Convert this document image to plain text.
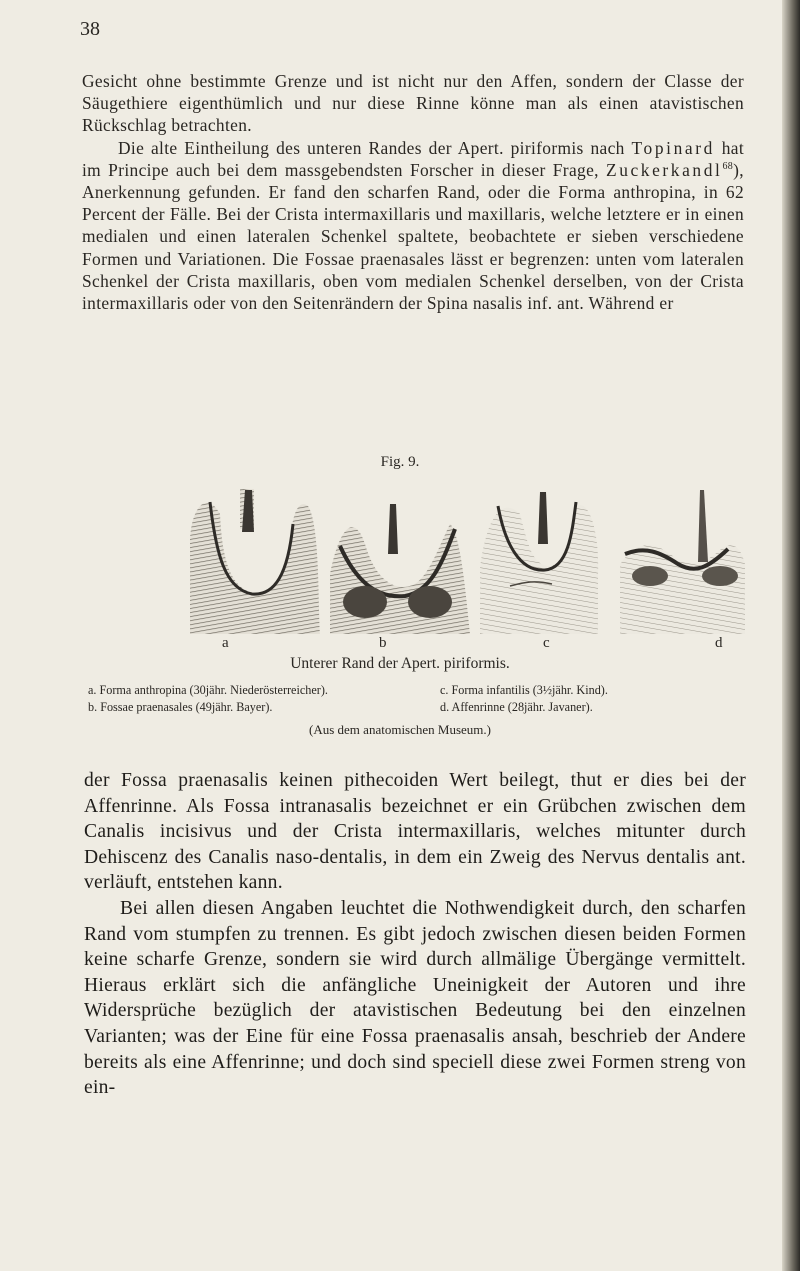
38

Gesicht ohne bestimmte Grenze und ist nicht nur den Affen, sondern der Classe der Säugethiere eigenthümlich und nur diese Rinne könne man als einen atavistischen Rückschlag betrachten.

Die alte Eintheilung des unteren Randes der Apert. piriformis nach Topinard hat im Principe auch bei dem massgebendsten Forscher in dieser Frage, Zuckerkandl$^{68}$), Anerkennung gefunden. Er fand den scharfen Rand, oder die Forma anthropina, in 62 Percent der Fälle. Bei der Crista intermaxillaris und maxillaris, welche letztere er in einen medialen und einen lateralen Schenkel spaltete, beobachtete er sieben verschiedene Formen und Variationen. Die Fossae praenasales lässt er begrenzen: unten vom lateralen Schenkel der Crista maxillaris, oben vom medialen Schenkel derselben, von der Crista intermaxillaris oder von den Seitenrändern der Spina nasalis inf. ant. Während er

Fig. 9.
a	b	c	d
Unterer Rand der Apert. piriformis.
a. Forma anthropina (30jähr. Niederösterreicher).
b. Fossae praenasales (49jähr. Bayer).
c. Forma infantilis (3½jähr. Kind).
d. Affenrinne (28jähr. Javaner).
(Aus dem anatomischen Museum.)

der Fossa praenasalis keinen pithecoiden Wert beilegt, thut er dies bei der Affenrinne. Als Fossa intranasalis bezeichnet er ein Grübchen zwischen dem Canalis incisivus und der Crista intermaxillaris, welches mitunter durch Dehiscenz des Canalis naso-dentalis, in dem ein Zweig des Nervus dentalis ant. verläuft, entstehen kann.

Bei allen diesen Angaben leuchtet die Nothwendigkeit durch, den scharfen Rand vom stumpfen zu trennen. Es gibt jedoch zwischen diesen beiden Formen keine scharfe Grenze, sondern sie wird durch allmälige Übergänge vermittelt. Hieraus erklärt sich die anfängliche Uneinigkeit der Autoren und ihre Widersprüche bezüglich der atavistischen Bedeutung bei den einzelnen Varianten; was der Eine für eine Fossa praenasalis ansah, beschrieb der Andere bereits als eine Affenrinne; und doch sind speciell diese zwei Formen streng von ein-
